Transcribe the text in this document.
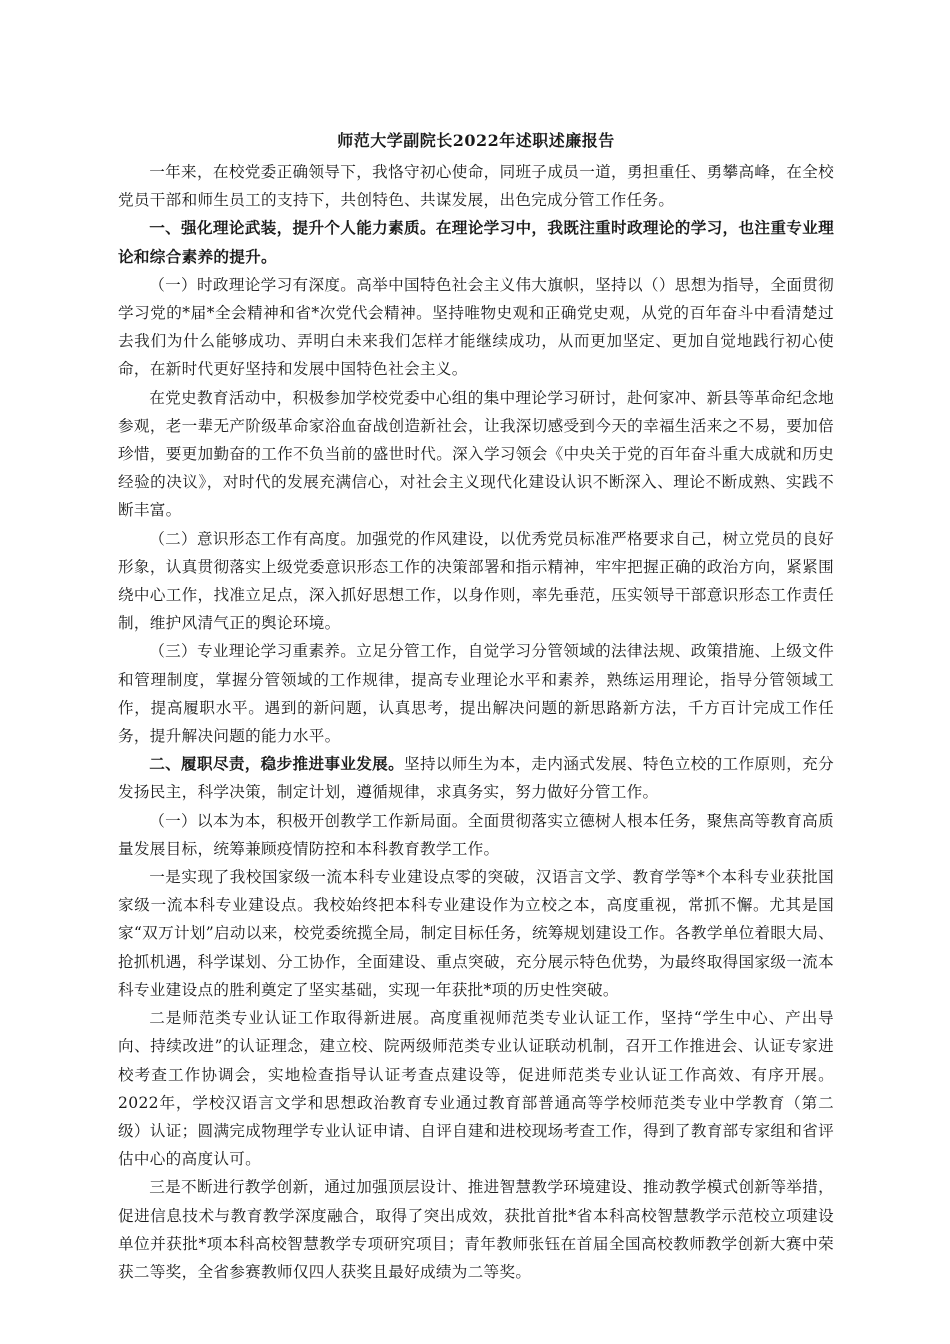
师范大学副院长2022年述职述廉报告

一年来，在校党委正确领导下，我恪守初心使命，同班子成员一道，勇担重任、勇攀高峰，在全校党员干部和师生员工的支持下，共创特色、共谋发展，出色完成分管工作任务。

一、强化理论武装，提升个人能力素质。在理论学习中，我既注重时政理论的学习，也注重专业理论和综合素养的提升。

（一）时政理论学习有深度。高举中国特色社会主义伟大旗帜，坚持以（）思想为指导，全面贯彻学习党的*届*全会精神和省*次党代会精神。坚持唯物史观和正确党史观，从党的百年奋斗中看清楚过去我们为什么能够成功、弄明白未来我们怎样才能继续成功，从而更加坚定、更加自觉地践行初心使命，在新时代更好坚持和发展中国特色社会主义。

在党史教育活动中，积极参加学校党委中心组的集中理论学习研讨，赴何家冲、新县等革命纪念地参观，老一辈无产阶级革命家浴血奋战创造新社会，让我深切感受到今天的幸福生活来之不易，要加倍珍惜，要更加勤奋的工作不负当前的盛世时代。深入学习领会《中央关于党的百年奋斗重大成就和历史经验的决议》，对时代的发展充满信心，对社会主义现代化建设认识不断深入、理论不断成熟、实践不断丰富。

（二）意识形态工作有高度。加强党的作风建设，以优秀党员标准严格要求自己，树立党员的良好形象，认真贯彻落实上级党委意识形态工作的决策部署和指示精神，牢牢把握正确的政治方向，紧紧围绕中心工作，找准立足点，深入抓好思想工作，以身作则，率先垂范，压实领导干部意识形态工作责任制，维护风清气正的舆论环境。

（三）专业理论学习重素养。立足分管工作，自觉学习分管领域的法律法规、政策措施、上级文件和管理制度，掌握分管领域的工作规律，提高专业理论水平和素养，熟练运用理论，指导分管领域工作，提高履职水平。遇到的新问题，认真思考，提出解决问题的新思路新方法，千方百计完成工作任务，提升解决问题的能力水平。

二、履职尽责，稳步推进事业发展。坚持以师生为本，走内涵式发展、特色立校的工作原则，充分发扬民主，科学决策，制定计划，遵循规律，求真务实，努力做好分管工作。

（一）以本为本，积极开创教学工作新局面。全面贯彻落实立德树人根本任务，聚焦高等教育高质量发展目标，统筹兼顾疫情防控和本科教育教学工作。

一是实现了我校国家级一流本科专业建设点零的突破，汉语言文学、教育学等*个本科专业获批国家级一流本科专业建设点。我校始终把本科专业建设作为立校之本，高度重视，常抓不懈。尤其是国家“双万计划”启动以来，校党委统揽全局，制定目标任务，统筹规划建设工作。各教学单位着眼大局、抢抓机遇，科学谋划、分工协作，全面建设、重点突破，充分展示特色优势，为最终取得国家级一流本科专业建设点的胜利奠定了坚实基础，实现一年获批*项的历史性突破。

二是师范类专业认证工作取得新进展。高度重视师范类专业认证工作，坚持“学生中心、产出导向、持续改进”的认证理念，建立校、院两级师范类专业认证联动机制，召开工作推进会、认证专家进校考查工作协调会，实地检查指导认证考查点建设等，促进师范类专业认证工作高效、有序开展。2022年，学校汉语言文学和思想政治教育专业通过教育部普通高等学校师范类专业中学教育（第二级）认证；圆满完成物理学专业认证申请、自评自建和进校现场考查工作，得到了教育部专家组和省评估中心的高度认可。

三是不断进行教学创新，通过加强顶层设计、推进智慧教学环境建设、推动教学模式创新等举措，促进信息技术与教育教学深度融合，取得了突出成效，获批首批*省本科高校智慧教学示范校立项建设单位并获批*项本科高校智慧教学专项研究项目；青年教师张钰在首届全国高校教师教学创新大赛中荣获二等奖，全省参赛教师仅四人获奖且最好成绩为二等奖。
